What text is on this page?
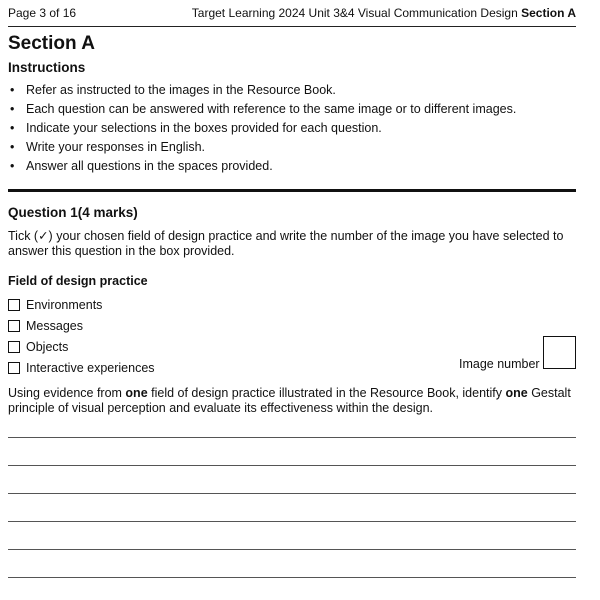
Page 3 of 16	Target Learning 2024 Unit 3&4 Visual Communication Design Section A
Section A
Instructions
• Refer as instructed to the images in the Resource Book.
• Each question can be answered with reference to the same image or to different images.
• Indicate your selections in the boxes provided for each question.
• Write your responses in English.
• Answer all questions in the spaces provided.
Question 1(4 marks)

Tick (✓) your chosen field of design practice and write the number of the image you have selected to answer this question in the box provided.

Field of design practice

Environments
Messages
Objects
Interactive experiences	Image number

Using evidence from one field of design practice illustrated in the Resource Book, identify one Gestalt principle of visual perception and evaluate its effectiveness within the design.
